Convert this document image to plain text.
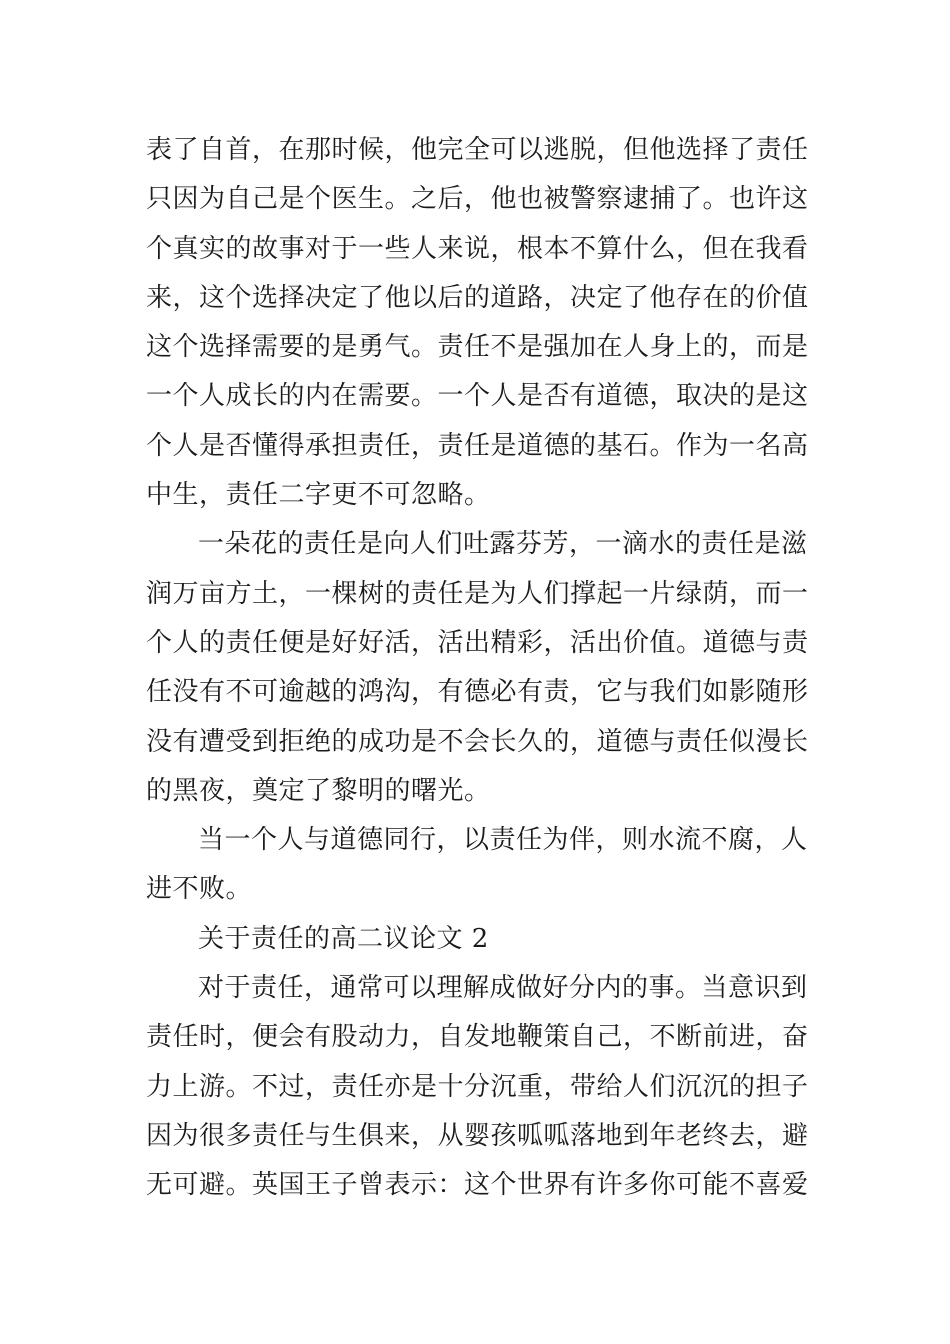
表了自首，在那时候，他完全可以逃脱，但他选择了责任
只因为自己是个医生。之后，他也被警察逮捕了。也许这
个真实的故事对于一些人来说，根本不算什么，但在我看
来，这个选择决定了他以后的道路，决定了他存在的价值
这个选择需要的是勇气。责任不是强加在人身上的，而是
一个人成长的内在需要。一个人是否有道德，取决的是这
个人是否懂得承担责任，责任是道德的基石。作为一名高
中生，责任二字更不可忽略。
一朵花的责任是向人们吐露芬芳，一滴水的责任是滋
润万亩方土，一棵树的责任是为人们撑起一片绿荫，而一
个人的责任便是好好活，活出精彩，活出价值。道德与责
任没有不可逾越的鸿沟，有德必有责，它与我们如影随形
没有遭受到拒绝的成功是不会长久的，道德与责任似漫长
的黑夜，奠定了黎明的曙光。
当一个人与道德同行，以责任为伴，则水流不腐，人
进不败。
关于责任的高二议论文 2
对于责任，通常可以理解成做好分内的事。当意识到
责任时，便会有股动力，自发地鞭策自己，不断前进，奋
力上游。不过，责任亦是十分沉重，带给人们沉沉的担子
因为很多责任与生俱来，从婴孩呱呱落地到年老终去，避
无可避。英国王子曾表示：这个世界有许多你可能不喜爱
